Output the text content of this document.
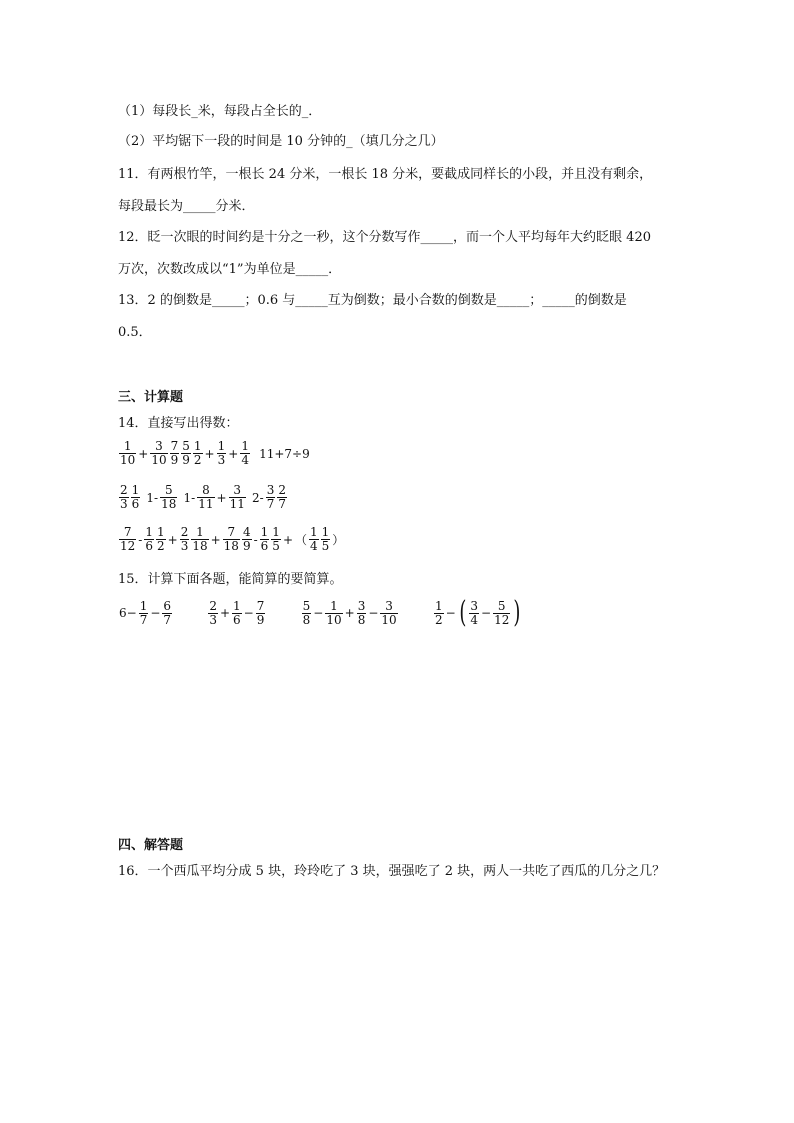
（1）每段长_米，每段占全长的_．
（2）平均锯下一段的时间是 10 分钟的_（填几分之几）
11．有两根竹竿，一根长 24 分米，一根长 18 分米，要截成同样长的小段，并且没有剩余，
每段最长为_____分米．
12．眨一次眼的时间约是十分之一秒，这个分数写作_____，而一个人平均每年大约眨眼 420
万次，次数改成以“1”为单位是_____．
13．2 的倒数是_____；0.6 与_____互为倒数；最小合数的倒数是_____；_____的倒数是
0.5．
三、计算题
14．直接写出得数：
$\frac{1}{10} + \frac{3}{10} \frac{7}{9} \frac{5}{9} \frac{1}{2} + \frac{1}{3} + \frac{1}{4} 11+7\div 9$
$\frac{2}{3} \frac{1}{6} 1- \frac{5}{18} 1- \frac{8}{11} + \frac{3}{11} 2- \frac{3}{7} \frac{2}{7}$
$\frac{7}{12} - \frac{1}{6} \frac{1}{2} + \frac{2}{3} \frac{1}{18} + \frac{7}{18} \frac{4}{9} - \frac{1}{6} \frac{1}{5}$ + （ $\frac{1}{4} \frac{1}{5}$ ）
15．计算下面各题，能简算的要简算。
$6- \frac{1}{7} - \frac{6}{7}$
	$\frac{2}{3} + \frac{1}{6} - \frac{7}{9}$
	$\frac{5}{8} - \frac{1}{10} + \frac{3}{8} - \frac{3}{10}$
	$\frac{1}{2}$ − ( $\frac{3}{4} - \frac{5}{12}$ )
四、解答题
16．一个西瓜平均分成 5 块，玲玲吃了 3 块，强强吃了 2 块，两人一共吃了西瓜的几分之几？
